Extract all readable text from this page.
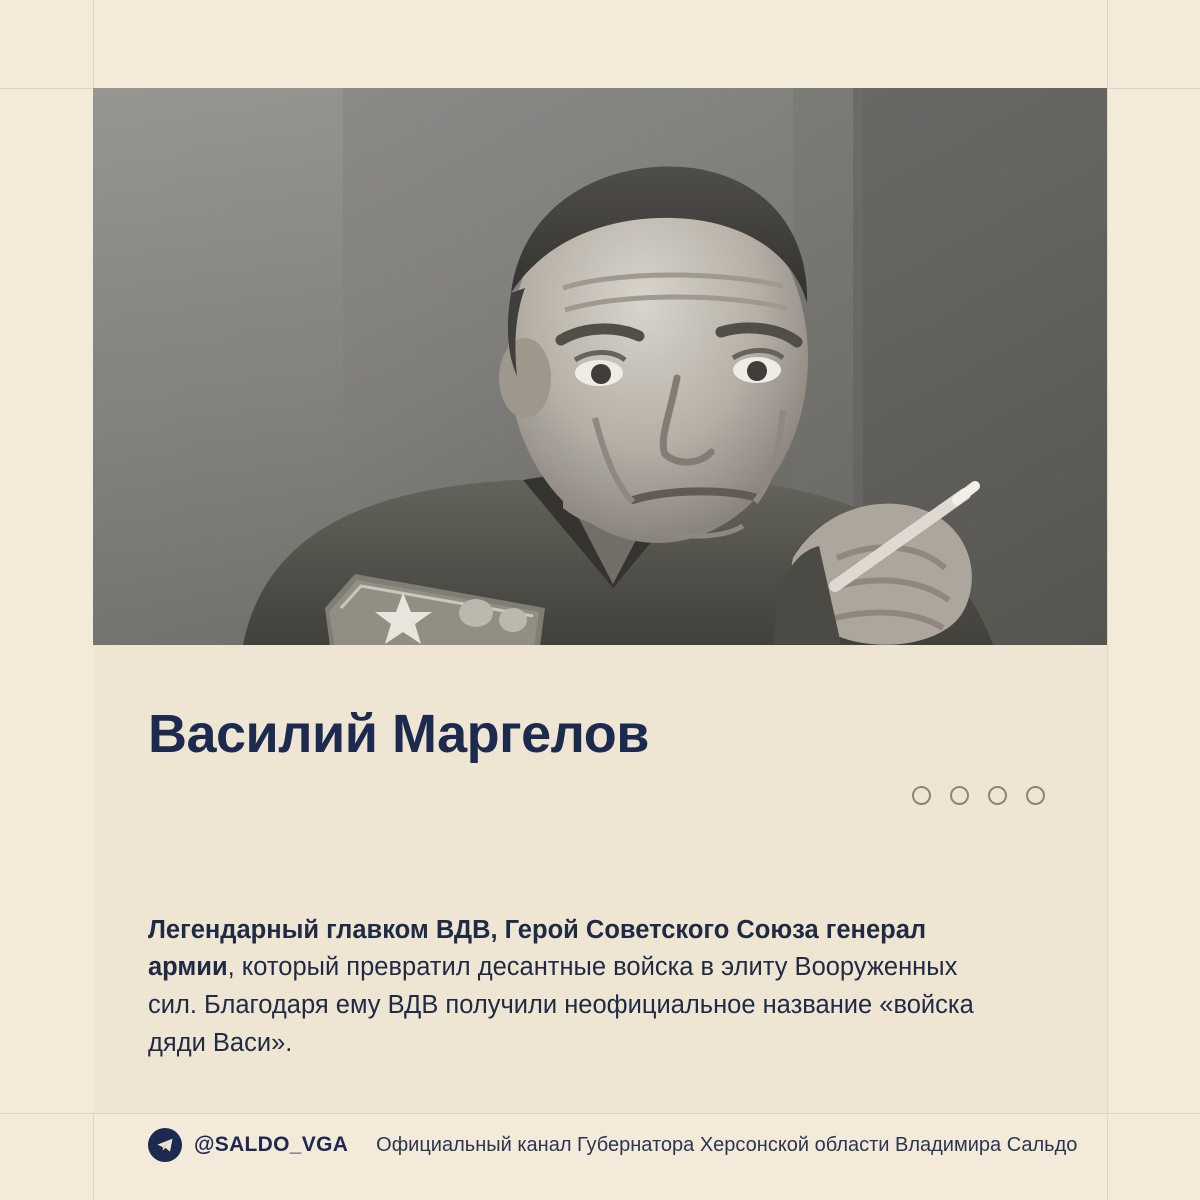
Василий Маргелов

Легендарный главком ВДВ, Герой Советского Союза генерал армии, который превратил десантные войска в элиту Вооруженных сил. Благодаря ему ВДВ получили неофициальное название «войска дяди Васи».

@SALDO_VGA Официальный канал Губернатора Херсонской области Владимира Сальдо
